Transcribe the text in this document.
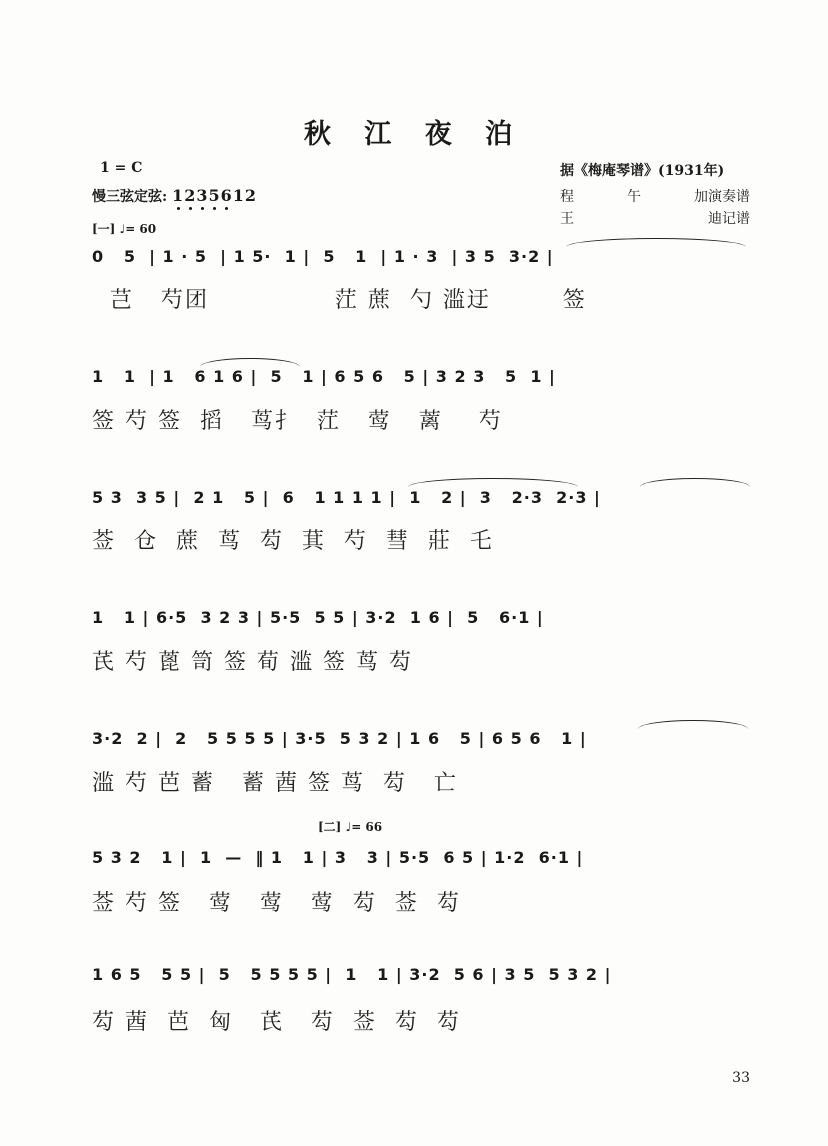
秋 江 夜 泊
1 = C
慢三弦定弦: 1235612
[一] ♩= 60
据《梅庵琴谱》(1931年)
程	午	加演奏谱
王	迪记谱
0   5  | 1 · 5  | 1 5·  1 |  5   1  | 1 · 3  | 3 5  3·2 |
芑   芍团              茳 蔗  勺 滥迂        签
1   1  | 1   6 1 6 |  5   1 | 6 5 6   5 | 3 2 3   5  1 |
签 芍 签  搯   茑扌  茳   莺   蓠    芍
5 3  3 5 |  2 1   5 |  6   1 1 1 1 |  1   2 |  3   2·3  2·3 |
莶  仓  蔗  茑  芶  萁  芍  彗  莊  乇
1   1 | 6·5  3 2 3 | 5·5  5 5 | 3·2  1 6 |  5   6·1 |
芪 芍 蓖 笥 签 荀 滥 签 茑 芶
3·2  2 |  2   5 5 5 5 | 3·5  5 3 2 | 1 6   5 | 6 5 6   1 |
滥 芍 芭 蓄   蓄 莤 签 茑  芶   亡
[二] ♩= 66
5 3 2   1 |  1  —  ‖ 1   1 | 3   3 | 5·5  6 5 | 1·2  6·1 |
莶 芍 签   莺   莺   莺  芶  莶  芶
1 6 5   5 5 |  5   5 5 5 5 |  1   1 | 3·2  5 6 | 3 5  5 3 2 |
芶 莤  芭  匈   芪   芶  莶  芶  芶
33
